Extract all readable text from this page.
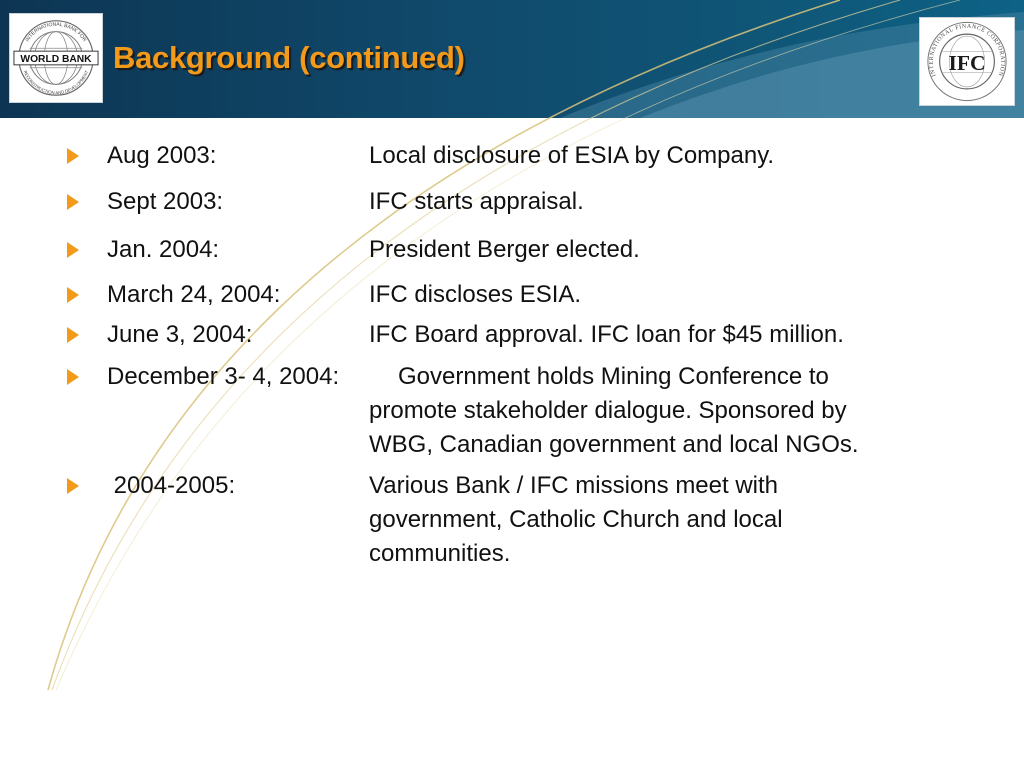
INTERNATIONAL BANK FOR
RECONSTRUCTION AND DEVELOPMENT
WORLD BANK Background (continued)
INTERNATIONAL FINANCE CORPORATION
IFC
Aug 2003:	Local disclosure of ESIA by Company.
Sept 2003:	IFC starts appraisal.
Jan. 2004:	President Berger elected.
March 24, 2004:	IFC discloses ESIA.
June 3, 2004:	IFC Board approval. IFC loan for $45 million.
December 3- 4, 2004: Government holds Mining Conference to
promote stakeholder dialogue. Sponsored by
WBG, Canadian government and local NGOs.
2004-2005:	Various Bank / IFC missions meet with
government, Catholic Church and local
communities.
